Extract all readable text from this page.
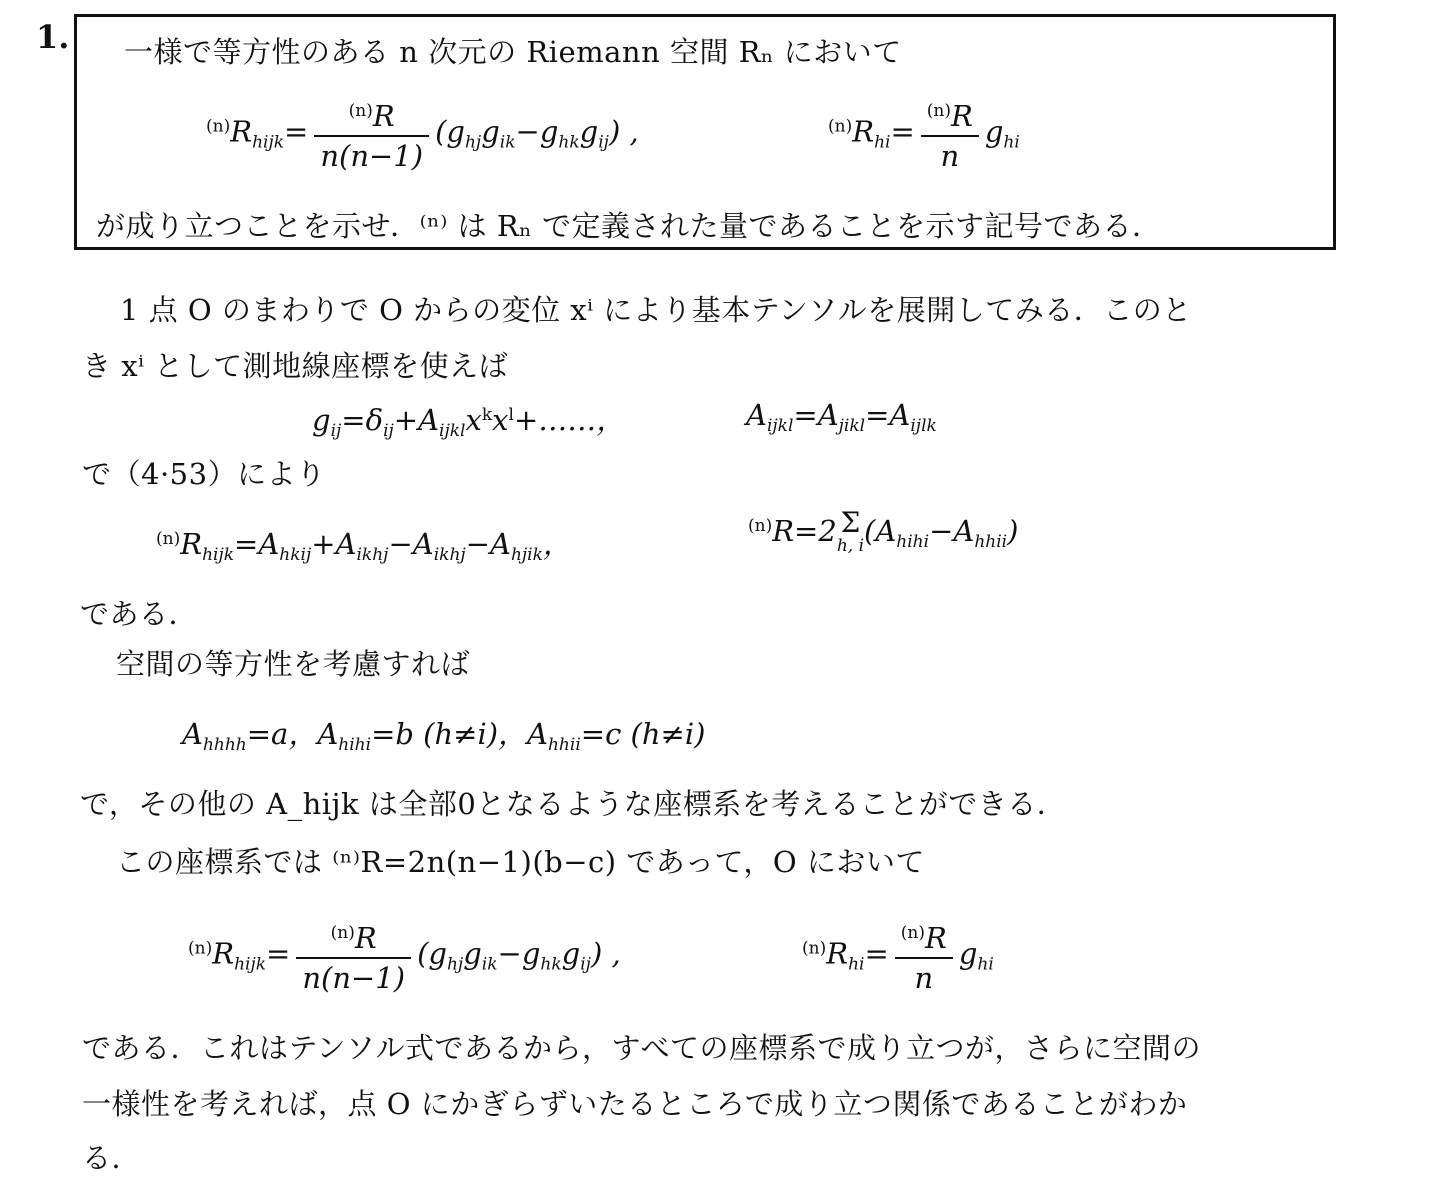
1. 一様で等方性のある n 次元の Riemann 空間 Rₙ において
$^{(n)}R_{hijk}= \frac{^{(n)}R}{n(n-1)} (g_{hj}g_{ik}-g_{hk}g_{ij})$ ,	$^{(n)}R_{hi}= \frac{^{(n)}R}{n} g_{hi}$
が成り立つことを示せ．⁽ⁿ⁾ は Rₙ で定義された量であることを示す記号である．
1 点 O のまわりで O からの変位 xⁱ により基本テンソルを展開してみる．このと
き xⁱ として測地線座標を使えば
$g_{ij}=\delta_{ij}+A_{ijkl}x^kx^l+\dots\dots$，	$A_{ijkl}=A_{jikl}=A_{ijlk}$
で（4·53）により
$^{(n)}R_{hijk}=A_{hkij}+A_{ikhj}-A_{ikhj}-A_{hjik}$，
$^{(n)}$R=2 Σ
h, i $(A_{hihi}-A_{hhii})$
である．
空間の等方性を考慮すれば
$A_{hhhh}=a$，$A_{hihi}=b$ (h≠i)，$A_{hhii}=c$ (h≠i)
で，その他の A_hijk は全部0となるような座標系を考えることができる．
この座標系では ⁽ⁿ⁾R=2n(n−1)(b−c) であって，O において
$^{(n)}R_{hijk}= \frac{^{(n)}R}{n(n-1)} (g_{hj}g_{ik}-g_{hk}g_{ij})$ ,	$^{(n)}R_{hi}= \frac{^{(n)}R}{n} g_{hi}$
である．これはテンソル式であるから，すべての座標系で成り立つが，さらに空間の
一様性を考えれば，点 O にかぎらずいたるところで成り立つ関係であることがわか
る．
